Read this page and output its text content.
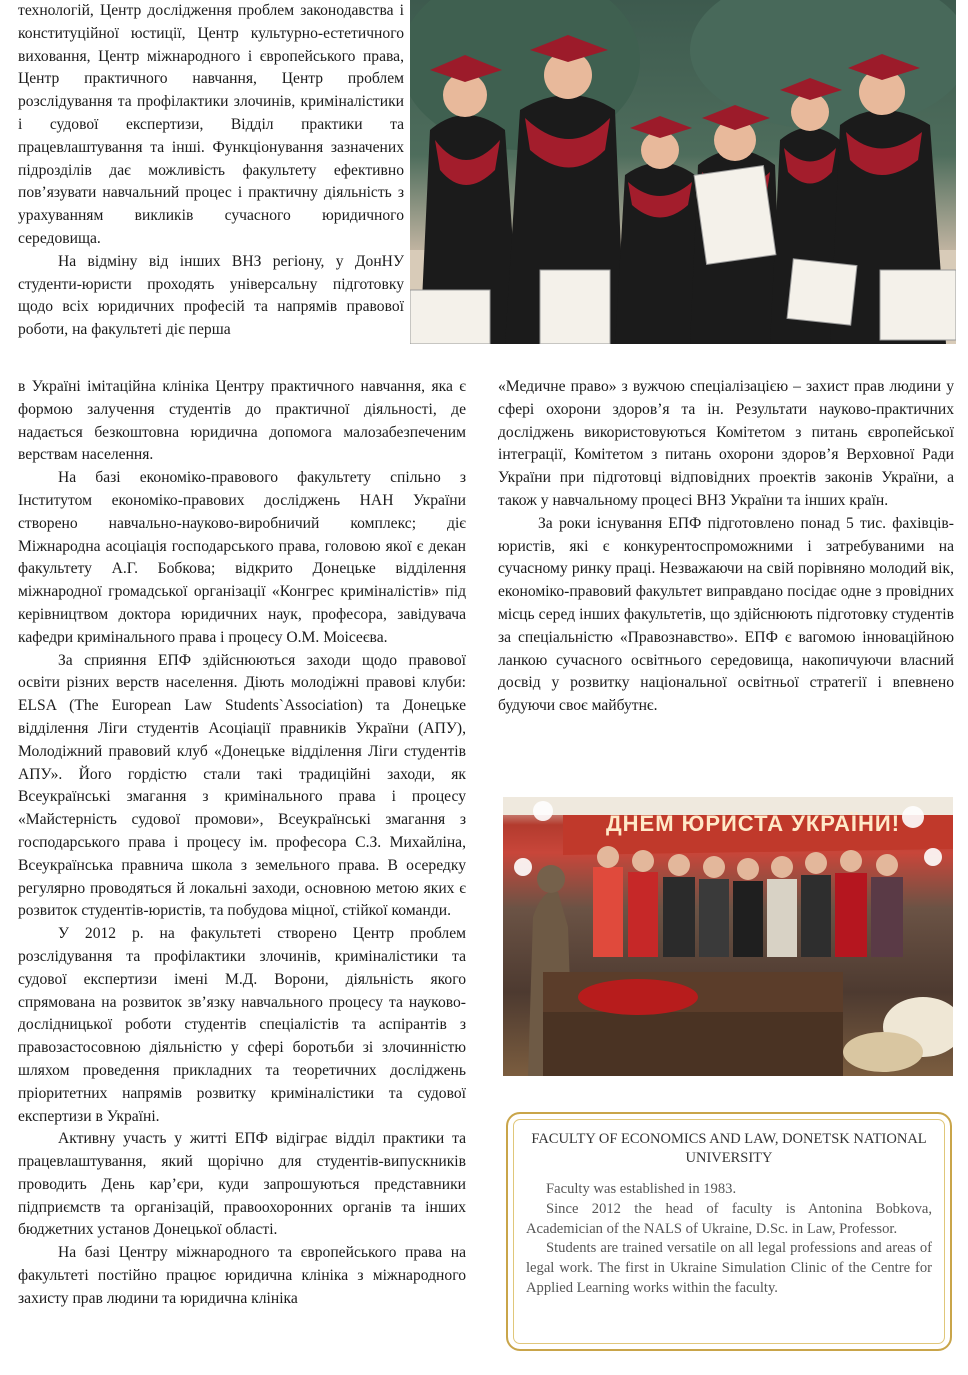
технологій, Центр дослідження проблем законодавства і конституційної юстиції, Центр культурно-естетичного виховання, Центр міжнародного і європейського права, Центр практичного навчання, Центр проблем розслідування та профілактики злочинів, криміналістики і судової експертизи, Відділ практики та працевлаштування та інші. Функціонування зазначених підрозділів дає можливість факультету ефективно пов’язувати навчальний процес і практичну діяльність з урахуванням викликів сучасного юридичного середовища.

На відміну від інших ВНЗ регіону, у ДонНУ студенти-юристи проходять універсальну підготовку щодо всіх юридичних професій та напрямів правової роботи, на факультеті діє перша

в Україні імітаційна клініка Центру практичного навчання, яка є формою залучення студентів до практичної діяльності, де надається безкоштовна юридична допомога малозабезпеченим верствам населення.

На базі економіко-правового факультету спільно з Інститутом економіко-правових досліджень НАН України створено навчально-науково-виробничий комплекс; діє Міжнародна асоціація господарського права, головою якої є декан факультету А.Г. Бобкова; відкрито Донецьке відділення міжнародної громадської організації «Конгрес криміналістів» під керівництвом доктора юридичних наук, професора, завідувача кафедри кримінального права і процесу О.М. Моісеєва.

За сприяння ЕПФ здійснюються заходи щодо правової освіти різних верств населення. Діють молодіжні правові клуби: ELSA (The European Law Students`Association) та Донецьке відділення Ліги студентів Асоціації правників України (АПУ), Молодіжний правовий клуб «Донецьке відділення Ліги студентів АПУ». Його гордістю стали такі традиційні заходи, як Всеукраїнські змагання з кримінального права і процесу «Майстерність судової промови», Всеукраїнські змагання з господарського права і процесу ім. професора С.З. Михайліна, Всеукраїнська правнича школа з земельного права. В осередку регулярно проводяться й локальні заходи, основною метою яких є розвиток студентів-юристів, та побудова міцної, стійкої команди.

У 2012 р. на факультеті створено Центр проблем розслідування та профілактики злочинів, криміналістики та судової експертизи імені М.Д. Ворони, діяльність якого спрямована на розвиток зв’язку навчального процесу та науково-дослідницької роботи студентів спеціалістів та аспірантів з правозастосовною діяльністю у сфері боротьби зі злочинністю шляхом проведення прикладних та теоретичних досліджень пріоритетних напрямів розвитку криміналістики та судової експертизи в Україні.

Активну участь у житті ЕПФ відіграє відділ практики та працевлаштування, який щорічно для студентів-випускників проводить День кар’єри, куди запрошуються представники підприємств та організацій, правоохоронних органів та інших бюджетних установ Донецької області.

На базі Центру міжнародного та європейського права на факультеті постійно працює юридична клініка з міжнародного захисту прав людини та юридична клініка

«Медичне право» з вужчою спеціалізацією – захист прав людини у сфері охорони здоров’я та ін. Результати науково-практичних досліджень використовуються Комітетом з питань європейської інтеграції, Комітетом з питань охорони здоров’я Верховної Ради України при підготовці відповідних проектів законів України, а також у навчальному процесі ВНЗ України та інших країн.

За роки існування ЕПФ підготовлено понад 5 тис. фахівців-юристів, які є конкурентоспроможними і затребуваними на сучасному ринку праці. Незважаючи на свій порівняно молодий вік, економіко-правовий факультет виправдано посідає одне з провідних місць серед інших факультетів, що здійснюють підготовку студентів за спеціальністю «Правознавство». ЕПФ є вагомою інноваційною ланкою сучасного освітнього середовища, накопичуючи власний досвід у розвитку національної освітньої стратегії і впевнено будуючи своє майбутнє.

ДНЕМ ЮРИСТА УКРАЇНИ!
FACULTY OF ECONOMICS AND LAW, DONETSK NATIONAL UNIVERSITY

Faculty was established in 1983.

Since 2012 the head of faculty is Antonina Bobkova, Academician of the NALS of Ukraine, D.Sc. in Law, Professor.

Students are trained versatile on all legal professions and areas of legal work. The first in Ukraine Simulation Clinic of the Centre for Applied Learning works within the faculty.
